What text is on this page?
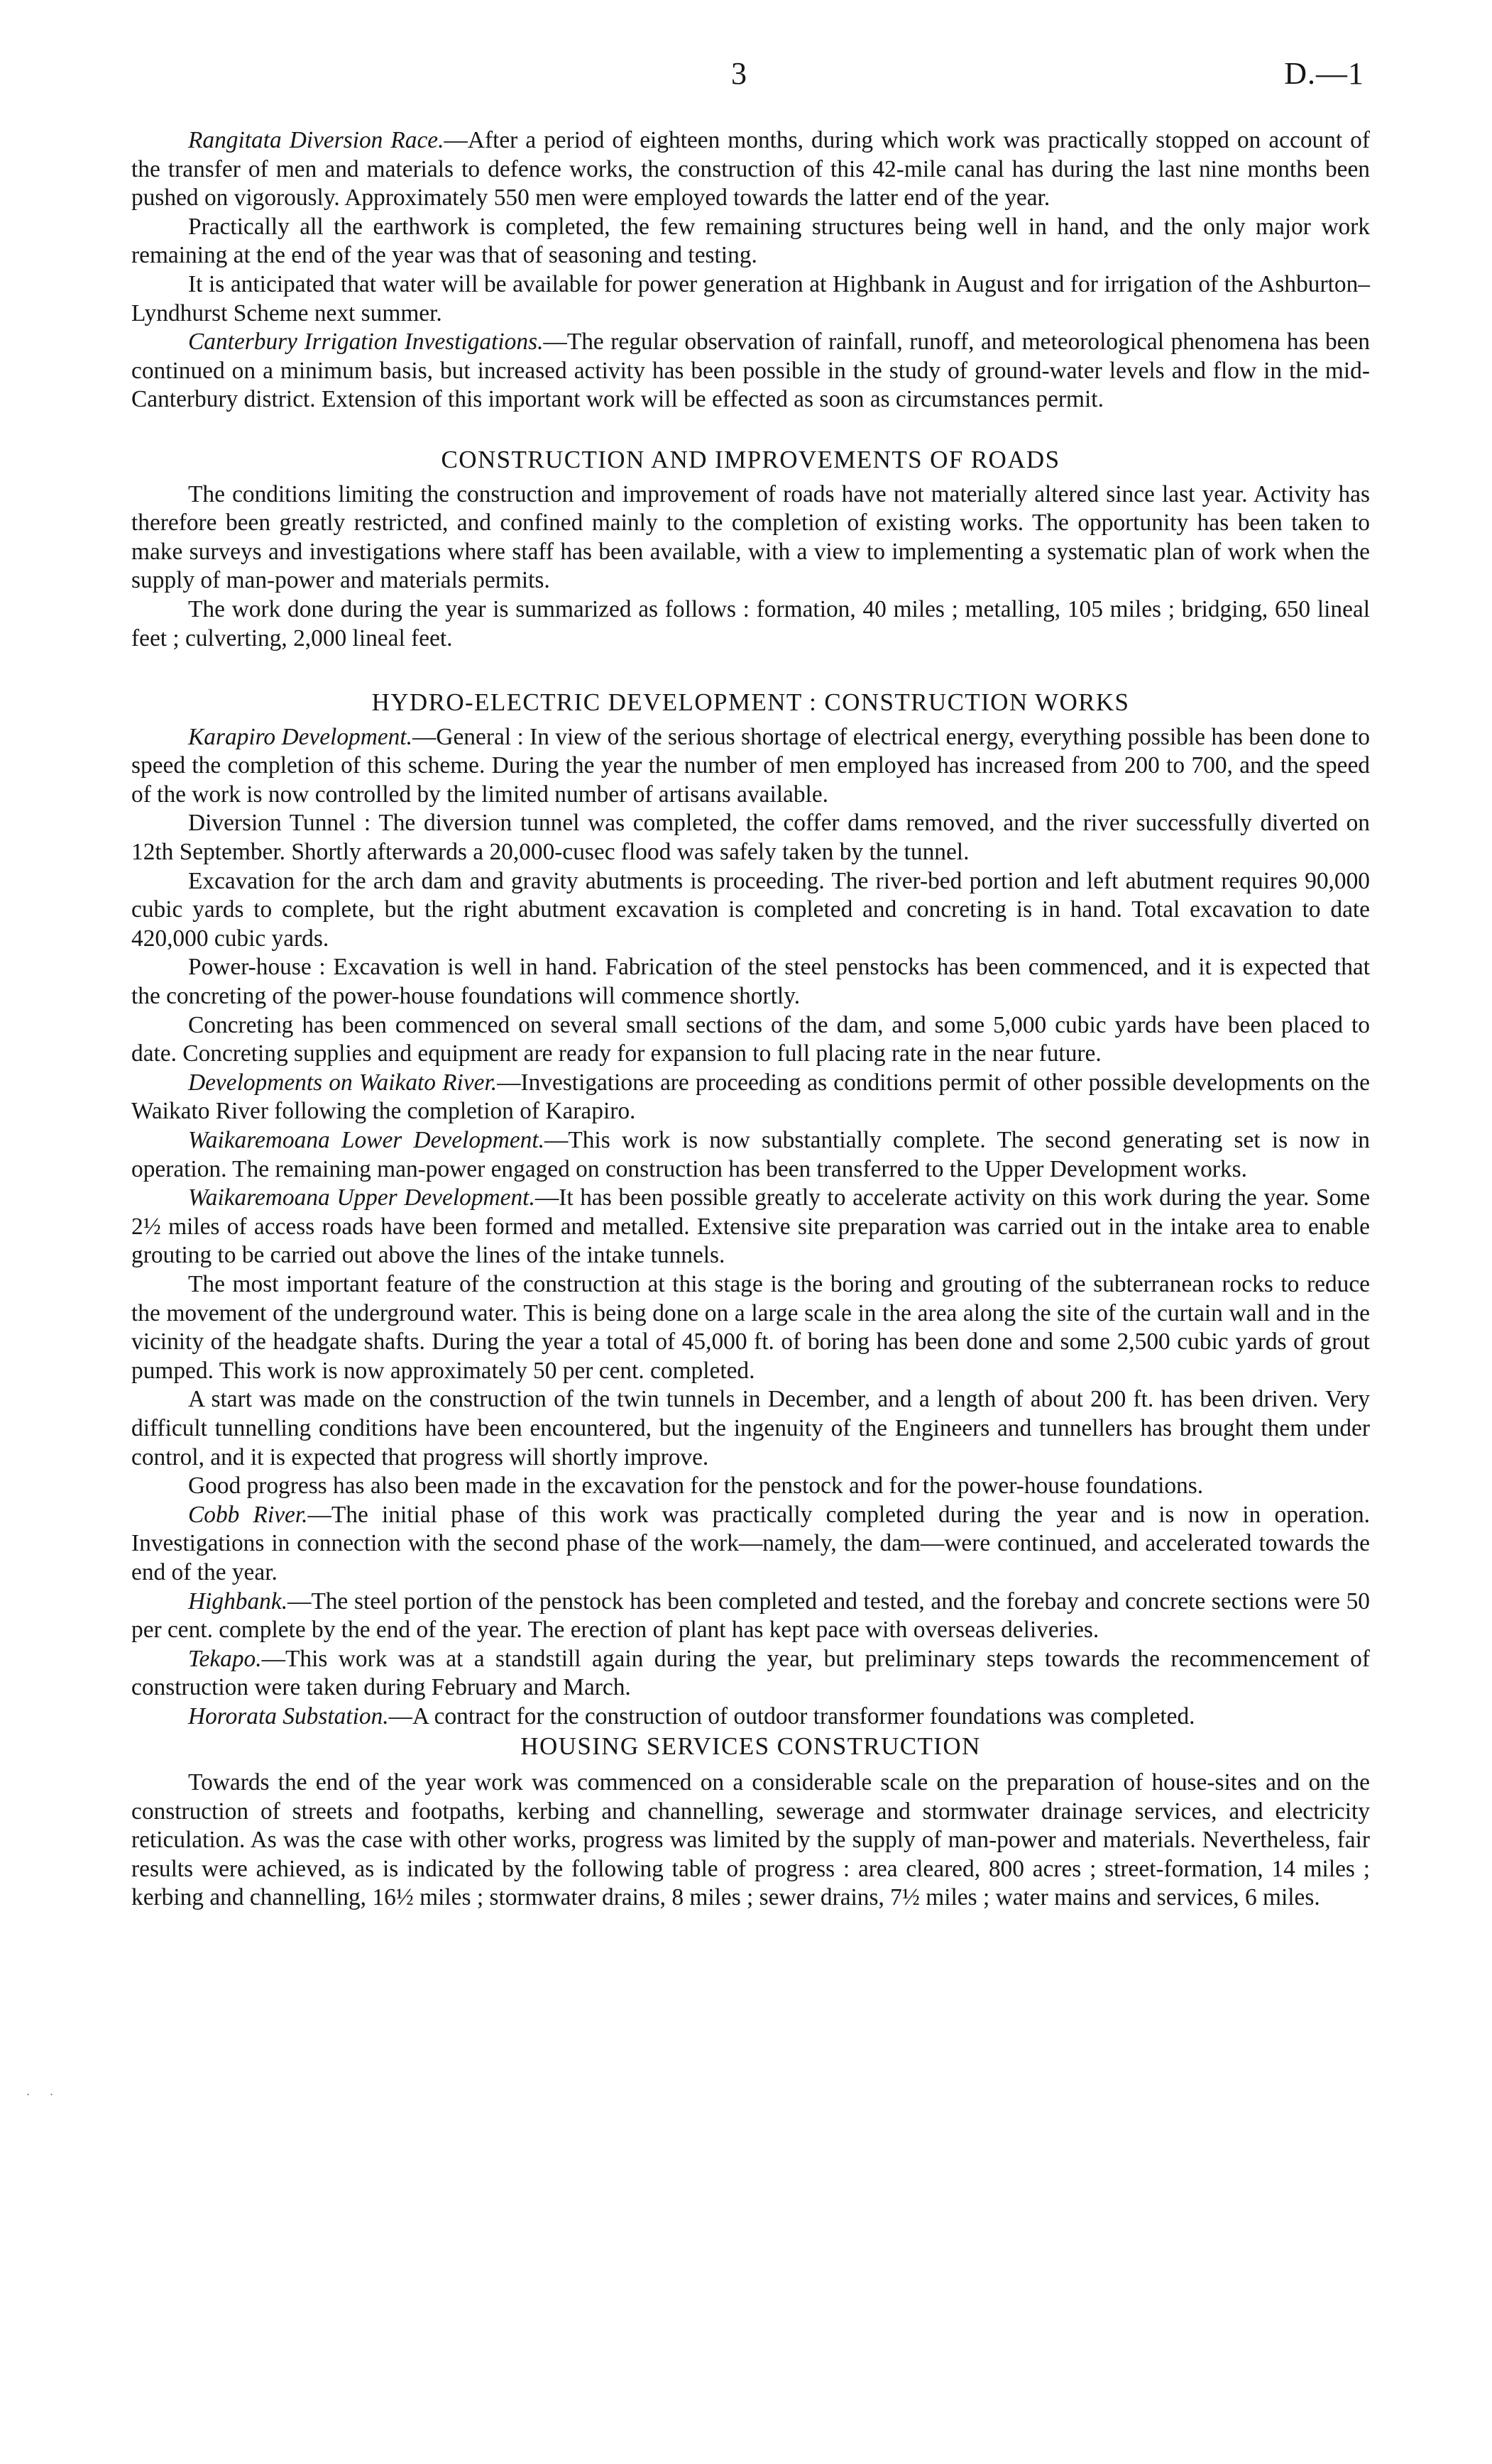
3	D.—1

Rangitata Diversion Race.—After a period of eighteen months, during which work was practically stopped on account of the transfer of men and materials to defence works, the construction of this 42-mile canal has during the last nine months been pushed on vigorously. Approximately 550 men were employed towards the latter end of the year.

Practically all the earthwork is completed, the few remaining structures being well in hand, and the only major work remaining at the end of the year was that of seasoning and testing.

It is anticipated that water will be available for power generation at Highbank in August and for irrigation of the Ashburton–Lyndhurst Scheme next summer.

Canterbury Irrigation Investigations.—The regular observation of rainfall, runoff, and meteorological phenomena has been continued on a minimum basis, but increased activity has been possible in the study of ground-water levels and flow in the mid-Canterbury district. Extension of this important work will be effected as soon as circumstances permit.

CONSTRUCTION AND IMPROVEMENTS OF ROADS

The conditions limiting the construction and improvement of roads have not materially altered since last year. Activity has therefore been greatly restricted, and confined mainly to the completion of existing works. The opportunity has been taken to make surveys and investigations where staff has been available, with a view to implementing a systematic plan of work when the supply of man-power and materials permits.

The work done during the year is summarized as follows : formation, 40 miles ; metalling, 105 miles ; bridging, 650 lineal feet ; culverting, 2,000 lineal feet.

HYDRO-ELECTRIC DEVELOPMENT : CONSTRUCTION WORKS

Karapiro Development.—General : In view of the serious shortage of electrical energy, everything possible has been done to speed the completion of this scheme. During the year the number of men employed has increased from 200 to 700, and the speed of the work is now controlled by the limited number of artisans available.

Diversion Tunnel : The diversion tunnel was completed, the coffer dams removed, and the river successfully diverted on 12th September. Shortly afterwards a 20,000-cusec flood was safely taken by the tunnel.

Excavation for the arch dam and gravity abutments is proceeding. The river-bed portion and left abutment requires 90,000 cubic yards to complete, but the right abutment excavation is completed and concreting is in hand. Total excavation to date 420,000 cubic yards.

Power-house : Excavation is well in hand. Fabrication of the steel penstocks has been commenced, and it is expected that the concreting of the power-house foundations will commence shortly.

Concreting has been commenced on several small sections of the dam, and some 5,000 cubic yards have been placed to date. Concreting supplies and equipment are ready for expansion to full placing rate in the near future.

Developments on Waikato River.—Investigations are proceeding as conditions permit of other possible developments on the Waikato River following the completion of Karapiro.

Waikaremoana Lower Development.—This work is now substantially complete. The second generating set is now in operation. The remaining man-power engaged on construction has been transferred to the Upper Development works.

Waikaremoana Upper Development.—It has been possible greatly to accelerate activity on this work during the year. Some 2½ miles of access roads have been formed and metalled. Extensive site preparation was carried out in the intake area to enable grouting to be carried out above the lines of the intake tunnels.

The most important feature of the construction at this stage is the boring and grouting of the subterranean rocks to reduce the movement of the underground water. This is being done on a large scale in the area along the site of the curtain wall and in the vicinity of the headgate shafts. During the year a total of 45,000 ft. of boring has been done and some 2,500 cubic yards of grout pumped. This work is now approximately 50 per cent. completed.

A start was made on the construction of the twin tunnels in December, and a length of about 200 ft. has been driven. Very difficult tunnelling conditions have been encountered, but the ingenuity of the Engineers and tunnellers has brought them under control, and it is expected that progress will shortly improve.

Good progress has also been made in the excavation for the penstock and for the power-house foundations.

Cobb River.—The initial phase of this work was practically completed during the year and is now in operation. Investigations in connection with the second phase of the work—namely, the dam—were continued, and accelerated towards the end of the year.

Highbank.—The steel portion of the penstock has been completed and tested, and the forebay and concrete sections were 50 per cent. complete by the end of the year. The erection of plant has kept pace with overseas deliveries.

Tekapo.—This work was at a standstill again during the year, but preliminary steps towards the recommencement of construction were taken during February and March.

Hororata Substation.—A contract for the construction of outdoor transformer foundations was completed.

HOUSING SERVICES CONSTRUCTION

Towards the end of the year work was commenced on a considerable scale on the preparation of house-sites and on the construction of streets and footpaths, kerbing and channelling, sewerage and stormwater drainage services, and electricity reticulation. As was the case with other works, progress was limited by the supply of man-power and materials. Nevertheless, fair results were achieved, as is indicated by the following table of progress : area cleared, 800 acres ; street-formation, 14 miles ; kerbing and channelling, 16½ miles ; stormwater drains, 8 miles ; sewer drains, 7½ miles ; water mains and services, 6 miles.

˙ ˙
